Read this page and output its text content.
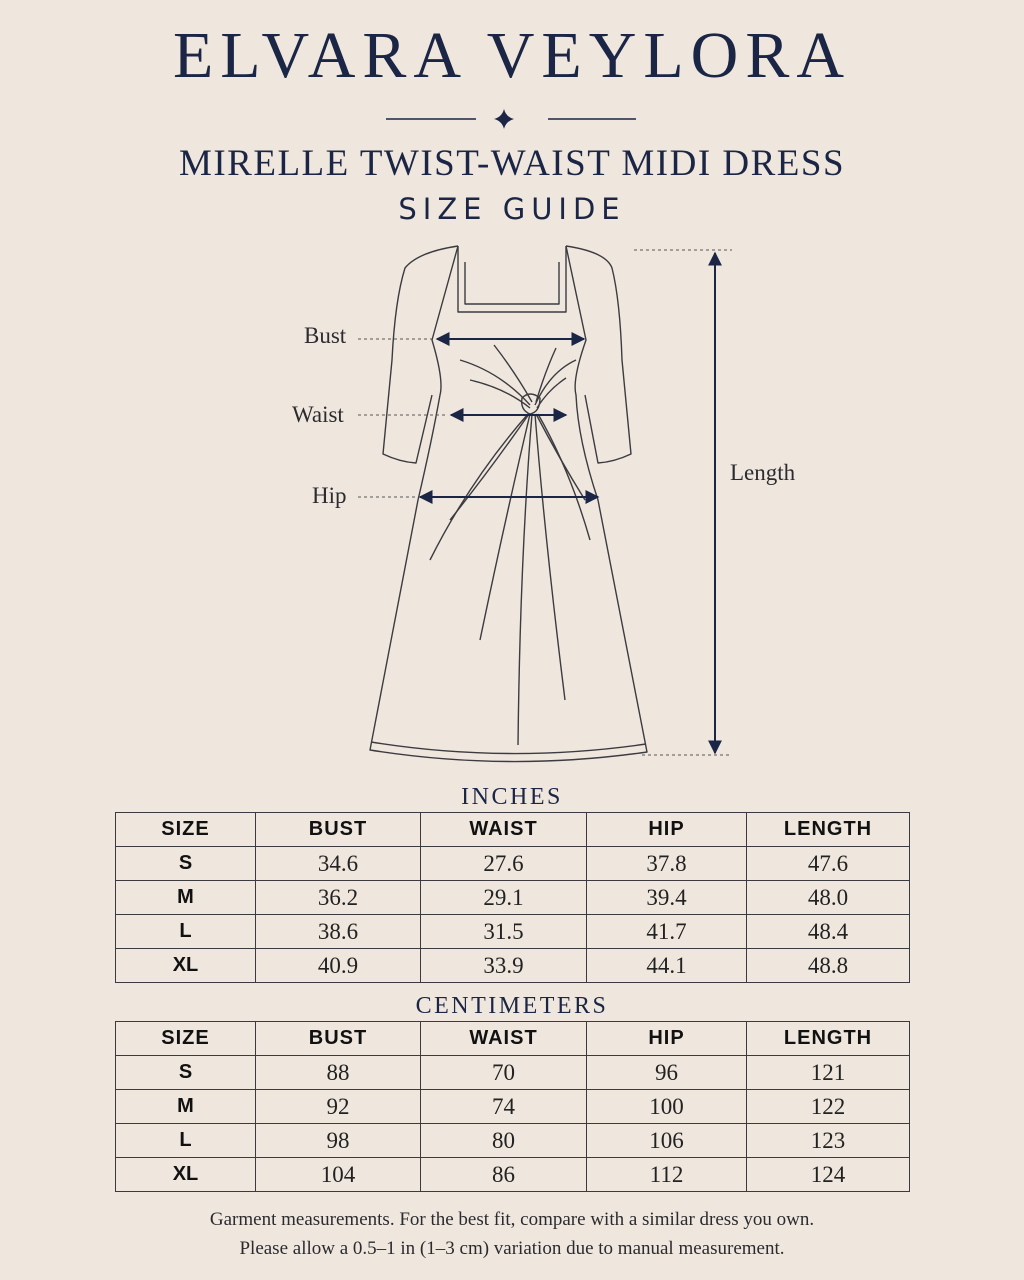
ELVARA VEYLORA
MIRELLE TWIST-WAIST MIDI DRESS
SIZE GUIDE
Bust
Waist
Hip
Length
INCHES
SIZE	BUST	WAIST	HIP	LENGTH
S	34.6	27.6	37.8	47.6
M	36.2	29.1	39.4	48.0
L	38.6	31.5	41.7	48.4
XL	40.9	33.9	44.1	48.8
CENTIMETERS
SIZE	BUST	WAIST	HIP	LENGTH
S	88	70	96	121
M	92	74	100	122
L	98	80	106	123
XL	104	86	112	124
Garment measurements. For the best fit, compare with a similar dress you own.
Please allow a 0.5–1 in (1–3 cm) variation due to manual measurement.
